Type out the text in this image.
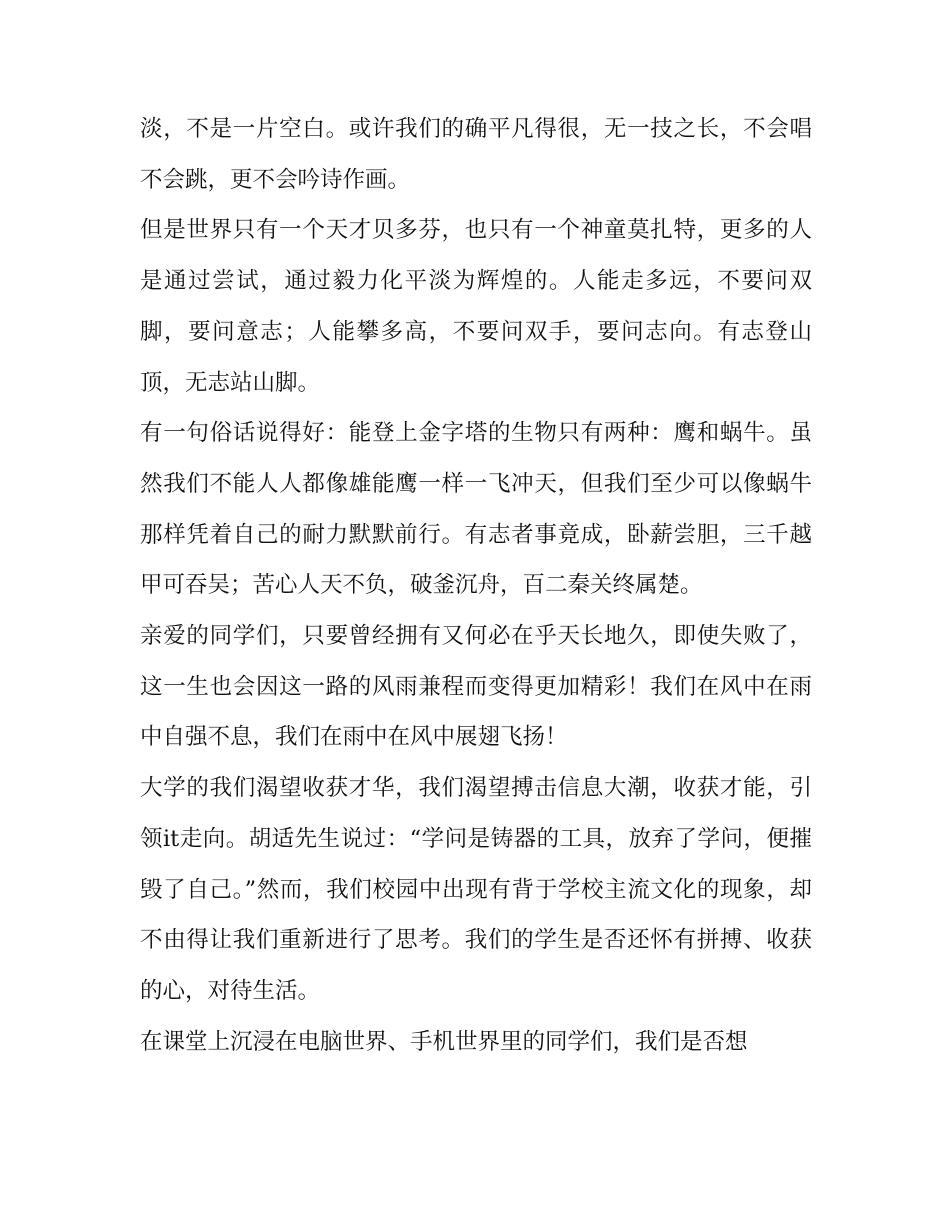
淡，不是一片空白。或许我们的确平凡得很，无一技之长，不会唱不会跳，更不会吟诗作画。

但是世界只有一个天才贝多芬，也只有一个神童莫扎特，更多的人是通过尝试，通过毅力化平淡为辉煌的。人能走多远，不要问双脚，要问意志；人能攀多高，不要问双手，要问志向。有志登山顶，无志站山脚。

有一句俗话说得好：能登上金字塔的生物只有两种：鹰和蜗牛。虽然我们不能人人都像雄能鹰一样一飞冲天，但我们至少可以像蜗牛那样凭着自己的耐力默默前行。有志者事竟成，卧薪尝胆，三千越甲可吞吴；苦心人天不负，破釜沉舟，百二秦关终属楚。

亲爱的同学们，只要曾经拥有又何必在乎天长地久，即使失败了，这一生也会因这一路的风雨兼程而变得更加精彩！我们在风中在雨中自强不息，我们在雨中在风中展翅飞扬！

大学的我们渴望收获才华，我们渴望搏击信息大潮，收获才能，引领it走向。胡适先生说过：“学问是铸器的工具，放弃了学问，便摧毁了自己。”然而，我们校园中出现有背于学校主流文化的现象，却不由得让我们重新进行了思考。我们的学生是否还怀有拼搏、收获的心，对待生活。

在课堂上沉浸在电脑世界、手机世界里的同学们，我们是否想
